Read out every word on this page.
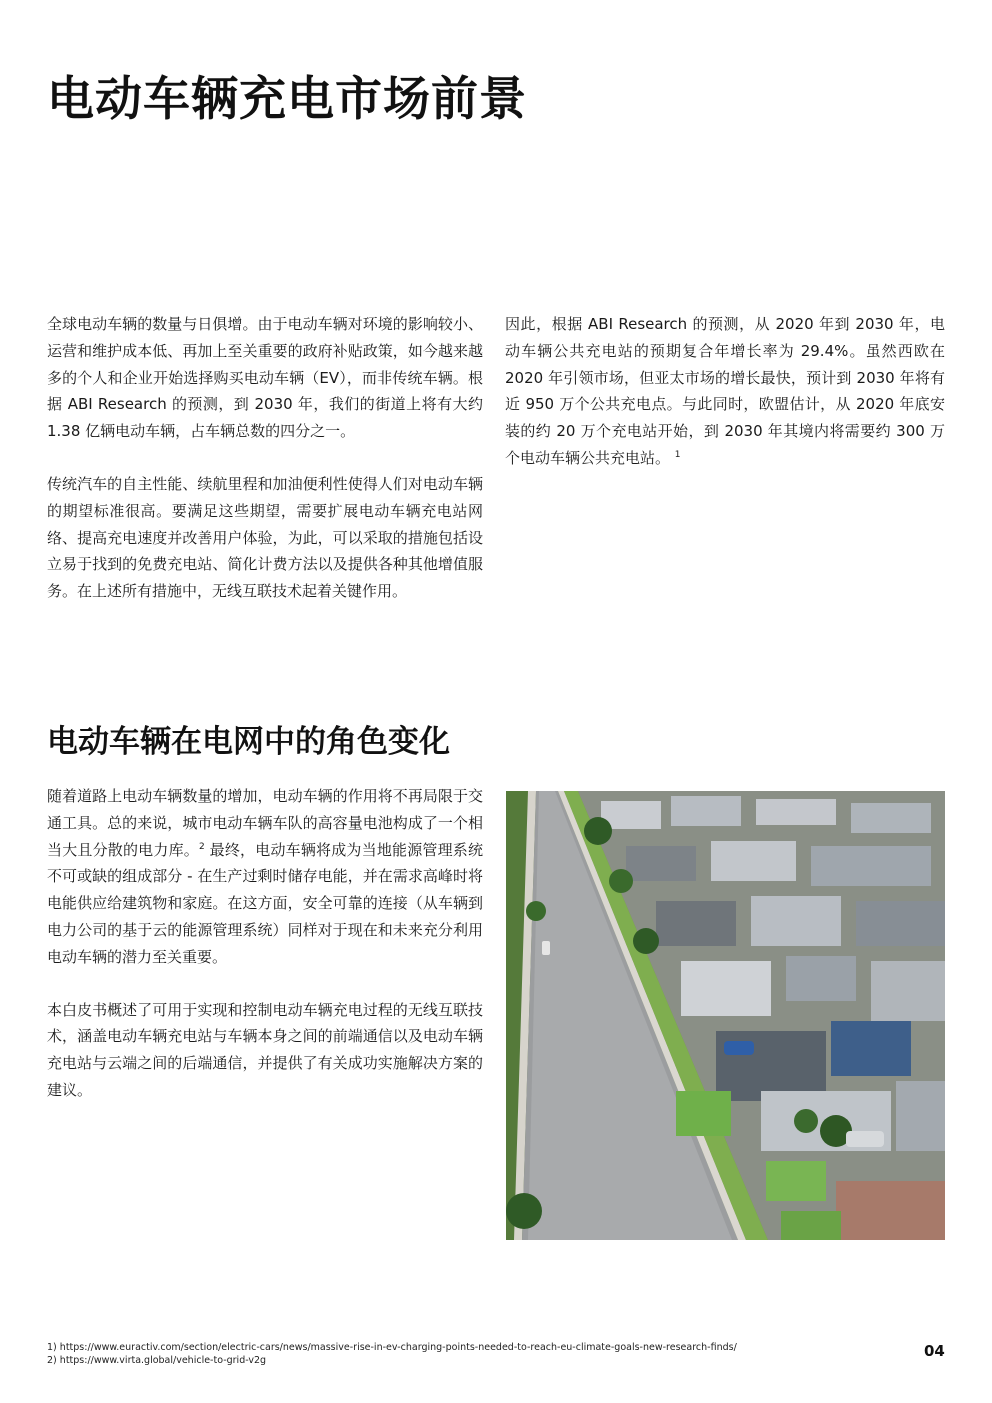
电动车辆充电市场前景

全球电动车辆的数量与日俱增。由于电动车辆对环境的影响较小、运营和维护成本低、再加上至关重要的政府补贴政策，如今越来越多的个人和企业开始选择购买电动车辆（EV），而非传统车辆。根据 ABI Research 的预测，到 2030 年，我们的街道上将有大约 1.38 亿辆电动车辆，占车辆总数的四分之一。

传统汽车的自主性能、续航里程和加油便利性使得人们对电动车辆的期望标准很高。要满足这些期望，需要扩展电动车辆充电站网络、提高充电速度并改善用户体验，为此，可以采取的措施包括设立易于找到的免费充电站、简化计费方法以及提供各种其他增值服务。在上述所有措施中，无线互联技术起着关键作用。

因此，根据 ABI Research 的预测，从 2020 年到 2030 年，电动车辆公共充电站的预期复合年增长率为 29.4%。虽然西欧在 2020 年引领市场，但亚太市场的增长最快，预计到 2030 年将有近 950 万个公共充电点。与此同时，欧盟估计，从 2020 年底安装的约 20 万个充电站开始，到 2030 年其境内将需要约 300 万个电动车辆公共充电站。 $^1$

电动车辆在电网中的角色变化

随着道路上电动车辆数量的增加，电动车辆的作用将不再局限于交通工具。总的来说，城市电动车辆车队的高容量电池构成了一个相当大且分散的电力库。$^2$ 最终，电动车辆将成为当地能源管理系统不可或缺的组成部分 - 在生产过剩时储存电能，并在需求高峰时将电能供应给建筑物和家庭。在这方面，安全可靠的连接（从车辆到电力公司的基于云的能源管理系统）同样对于现在和未来充分利用电动车辆的潜力至关重要。

本白皮书概述了可用于实现和控制电动车辆充电过程的无线互联技术，涵盖电动车辆充电站与车辆本身之间的前端通信以及电动车辆充电站与云端之间的后端通信，并提供了有关成功实施解决方案的建议。

1) https://www.euractiv.com/section/electric-cars/news/massive-rise-in-ev-charging-points-needed-to-reach-eu-climate-goals-new-research-finds/
2) https://www.virta.global/vehicle-to-grid-v2g
04
